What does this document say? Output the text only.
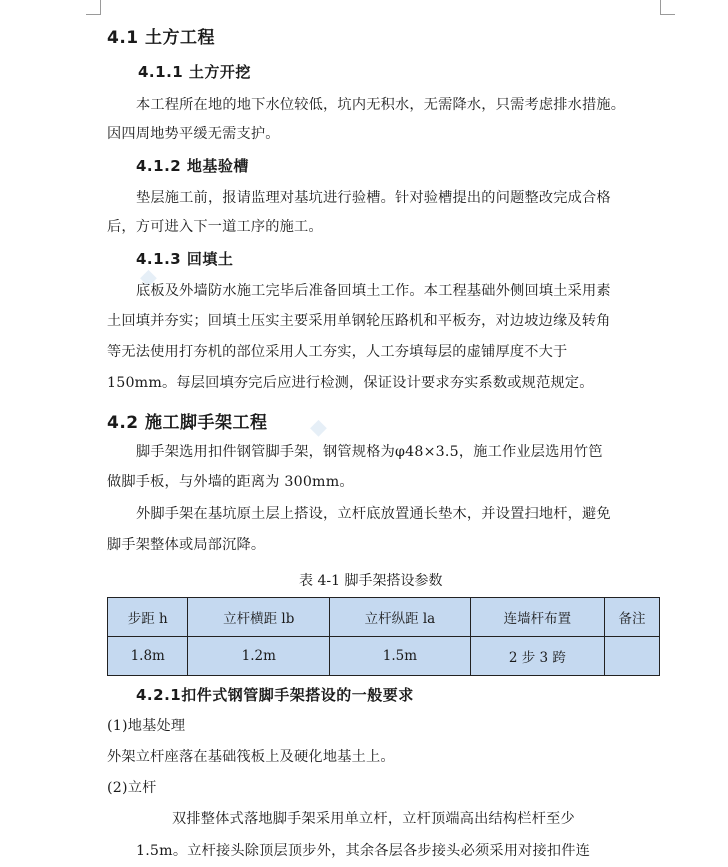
◆
◆
4.1 土方工程
4.1.1 土方开挖
本工程所在地的地下水位较低，坑内无积水，无需降水，只需考虑排水措施。
因四周地势平缓无需支护。
4.1.2 地基验槽
垫层施工前，报请监理对基坑进行验槽。针对验槽提出的问题整改完成合格
后，方可进入下一道工序的施工。
4.1.3 回填土
底板及外墙防水施工完毕后准备回填土工作。本工程基础外侧回填土采用素
土回填并夯实；回填土压实主要采用单钢轮压路机和平板夯，对边坡边缘及转角
等无法使用打夯机的部位采用人工夯实，人工夯填每层的虚铺厚度不大于
150mm。每层回填夯完后应进行检测，保证设计要求夯实系数或规范规定。
4.2 施工脚手架工程
脚手架选用扣件钢管脚手架，钢管规格为φ48×3.5，施工作业层选用竹笆
做脚手板，与外墙的距离为 300mm。
外脚手架在基坑原土层上搭设，立杆底放置通长垫木，并设置扫地杆，避免
脚手架整体或局部沉降。
表 4-1 脚手架搭设参数
步距 h	立杆横距 lb	立杆纵距 la	连墙杆布置	备注
1.8m	1.2m	1.5m	2 步 3 跨	
4.2.1扣件式钢管脚手架搭设的一般要求
(1)地基处理
外架立杆座落在基础筏板上及硬化地基土上。
(2)立杆
双排整体式落地脚手架采用单立杆，立杆顶端高出结构栏杆至少
1.5m。立杆接头除顶层顶步外，其余各层各步接头必须采用对接扣件连
